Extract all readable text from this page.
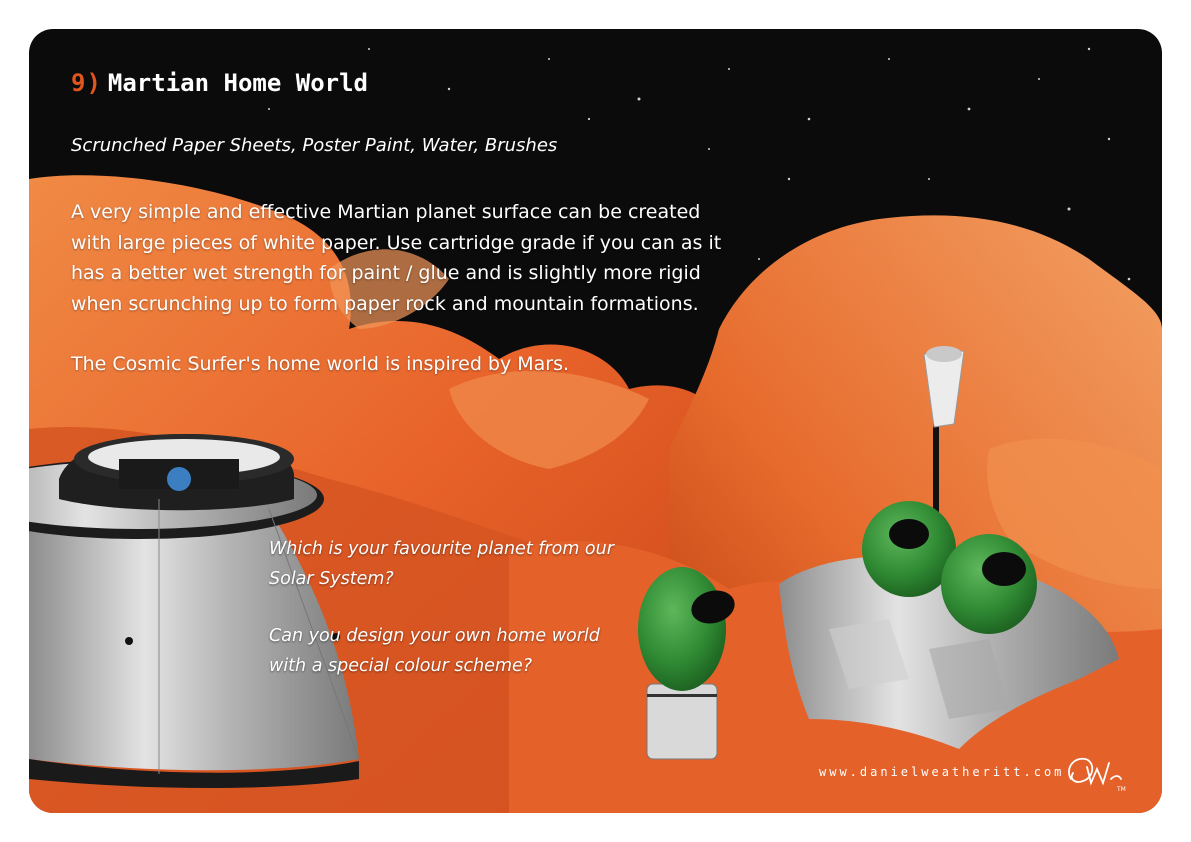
9) Martian Home World
Scrunched Paper Sheets, Poster Paint, Water, Brushes

A very simple and effective Martian planet surface can be created with large pieces of white paper. Use cartridge grade if you can as it has a better wet strength for paint / glue and is slightly more rigid when scrunching up to form paper rock and mountain formations.

The Cosmic Surfer's home world is inspired by Mars.

Which is your favourite planet from our Solar System?

Can you design your own home world with a special colour scheme?

www.danielweatheritt.com
TM
